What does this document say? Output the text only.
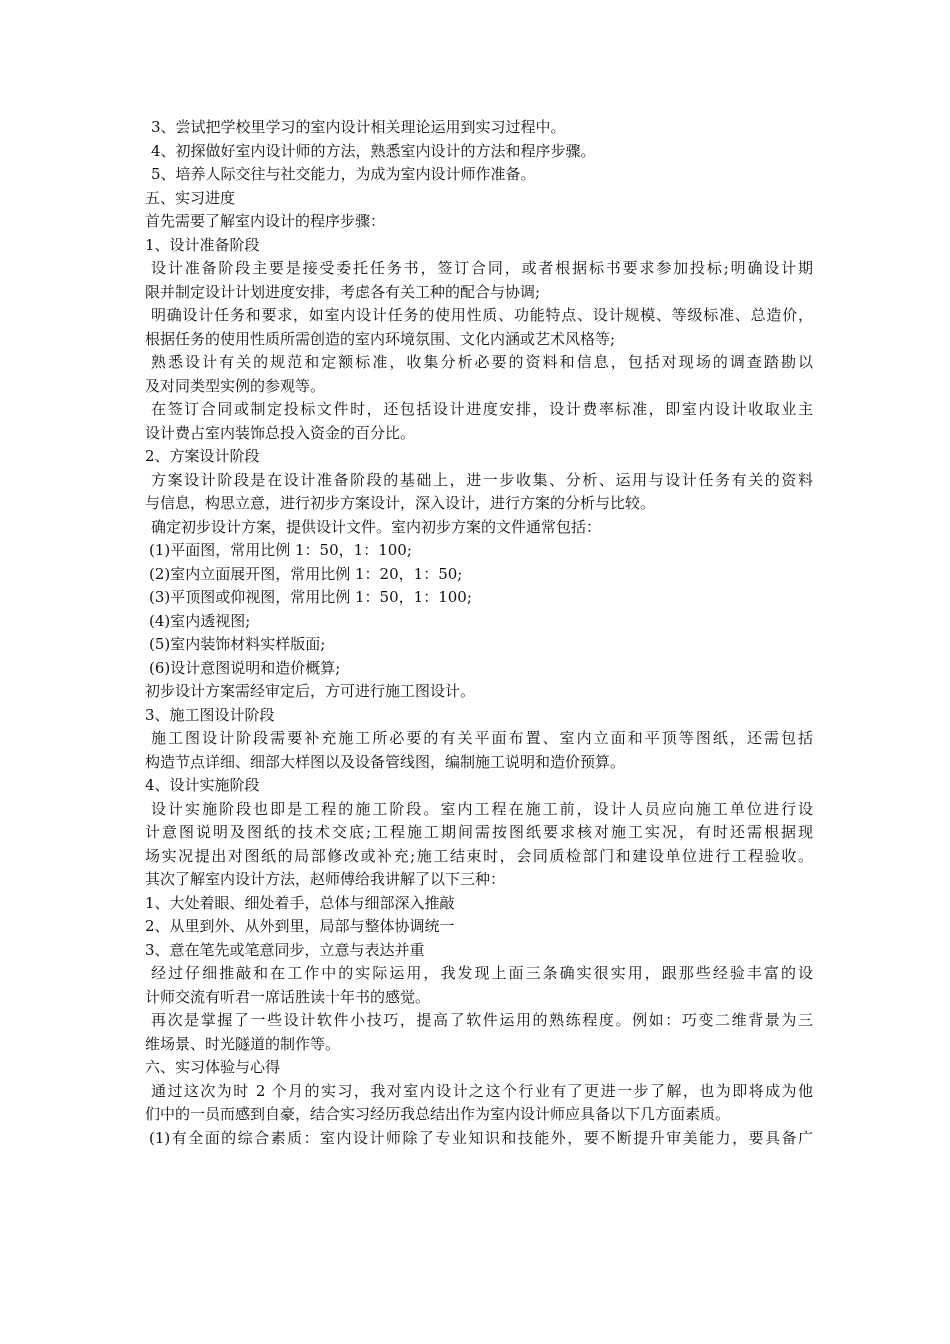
3、尝试把学校里学习的室内设计相关理论运用到实习过程中。

4、初探做好室内设计师的方法，熟悉室内设计的方法和程序步骤。

5、培养人际交往与社交能力，为成为室内设计师作准备。

五、实习进度

首先需要了解室内设计的程序步骤：

1、设计准备阶段

设计准备阶段主要是接受委托任务书，签订合同，或者根据标书要求参加投标;明确设计期

限并制定设计计划进度安排，考虑各有关工种的配合与协调;

明确设计任务和要求，如室内设计任务的使用性质、功能特点、设计规模、等级标准、总造价，

根据任务的使用性质所需创造的室内环境氛围、文化内涵或艺术风格等;

熟悉设计有关的规范和定额标准，收集分析必要的资料和信息，包括对现场的调查踏勘以

及对同类型实例的参观等。

在签订合同或制定投标文件时，还包括设计进度安排，设计费率标准，即室内设计收取业主

设计费占室内装饰总投入资金的百分比。

2、方案设计阶段

方案设计阶段是在设计准备阶段的基础上，进一步收集、分析、运用与设计任务有关的资料

与信息，构思立意，进行初步方案设计，深入设计，进行方案的分析与比较。

确定初步设计方案，提供设计文件。室内初步方案的文件通常包括：

(1)平面图，常用比例 1：50，1：100;

(2)室内立面展开图，常用比例 1：20，1：50;

(3)平顶图或仰视图，常用比例 1：50，1：100;

(4)室内透视图;

(5)室内装饰材料实样版面;

(6)设计意图说明和造价概算;

初步设计方案需经审定后，方可进行施工图设计。

3、施工图设计阶段

施工图设计阶段需要补充施工所必要的有关平面布置、室内立面和平顶等图纸，还需包括

构造节点详细、细部大样图以及设备管线图，编制施工说明和造价预算。

4、设计实施阶段

设计实施阶段也即是工程的施工阶段。室内工程在施工前，设计人员应向施工单位进行设

计意图说明及图纸的技术交底;工程施工期间需按图纸要求核对施工实况，有时还需根据现

场实况提出对图纸的局部修改或补充;施工结束时，会同质检部门和建设单位进行工程验收。

其次了解室内设计方法，赵师傅给我讲解了以下三种：

1、大处着眼、细处着手，总体与细部深入推敲

2、从里到外、从外到里，局部与整体协调统一

3、意在笔先或笔意同步，立意与表达并重

经过仔细推敲和在工作中的实际运用，我发现上面三条确实很实用，跟那些经验丰富的设

计师交流有听君一席话胜读十年书的感觉。

再次是掌握了一些设计软件小技巧，提高了软件运用的熟练程度。例如：巧变二维背景为三

维场景、时光隧道的制作等。

六、实习体验与心得

通过这次为时 2 个月的实习，我对室内设计之这个行业有了更进一步了解，也为即将成为他

们中的一员而感到自豪，结合实习经历我总结出作为室内设计师应具备以下几方面素质。

(1)有全面的综合素质：室内设计师除了专业知识和技能外，要不断提升审美能力，要具备广
